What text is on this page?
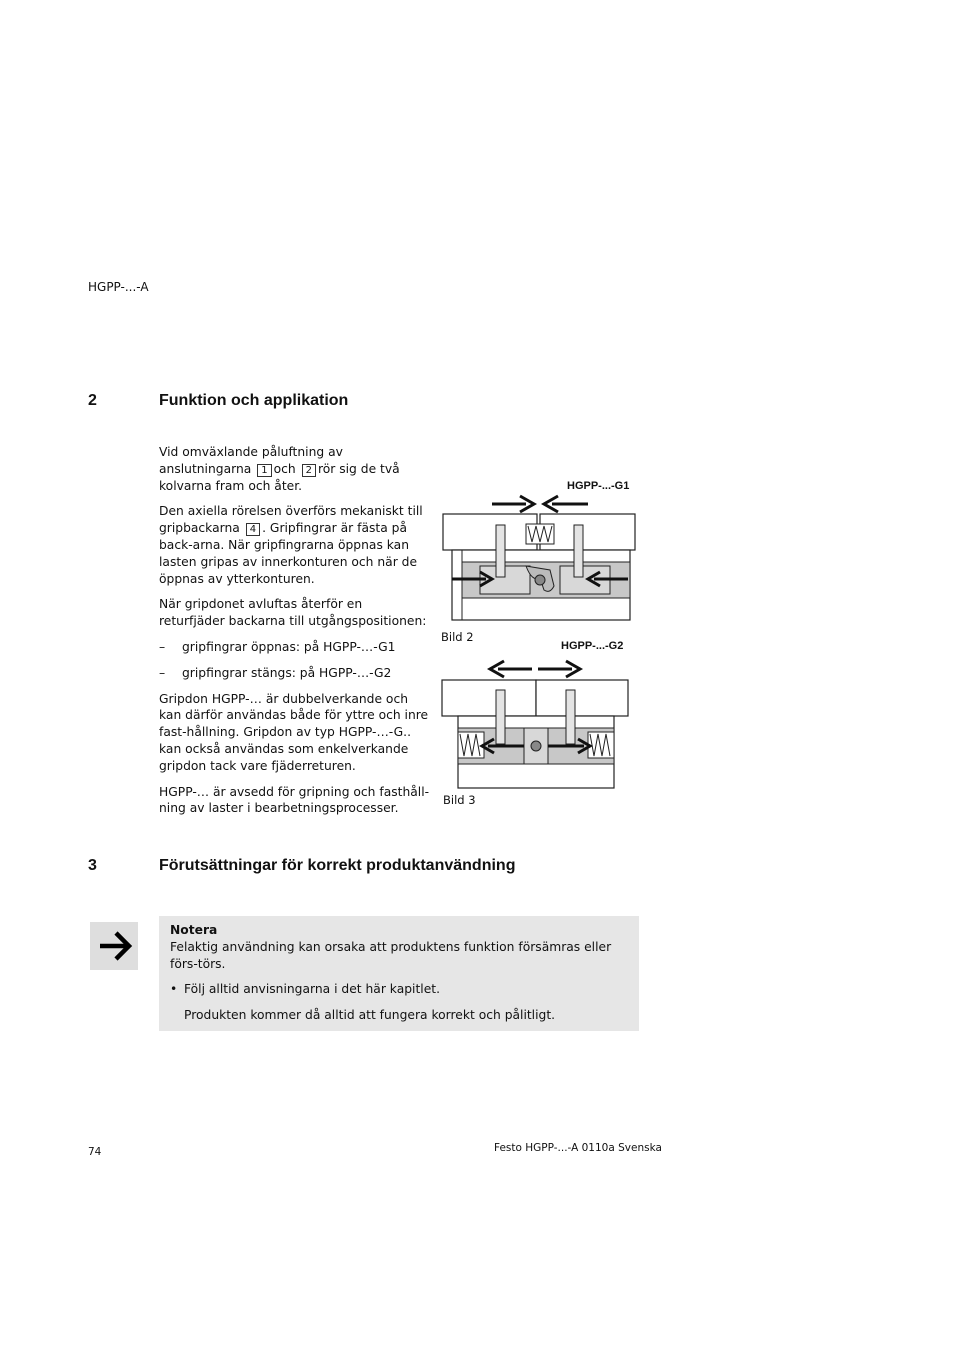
HGPP-...-A
2	Funktion och applikation

Vid omväxlande påluftning av anslutningarna 1 och 2 rör sig de två kolvarna fram och åter.

Den axiella rörelsen överförs mekaniskt till gripbackarna 4 . Gripfingrar är fästa på back-arna. När gripfingrarna öppnas kan lasten gripas av innerkonturen och när de öppnas av ytterkonturen.

När gripdonet avluftas återför en returfjäder backarna till utgångspositionen:

–	gripfingrar öppnas: på HGPP-…-G1
–	gripfingrar stängs: på HGPP-…-G2

Gripdon HGPP-… är dubbelverkande och kan därför användas både för yttre och inre fast-hållning. Gripdon av typ HGPP-…-G.. kan också användas som enkelverkande gripdon tack vare fjäderreturen.

HGPP-… är avsedd för gripning och fasthåll-ning av laster i bearbetningsprocesser.

HGPP-...-G1
Bild 2
HGPP-...-G2
Bild 3
3	Förutsättningar för korrekt produktanvändning
Notera
Felaktig användning kan orsaka att produktens funktion försämras eller förs-törs.
• Följ alltid anvisningarna i det här kapitlet.
Produkten kommer då alltid att fungera korrekt och pålitligt.
74	Festo HGPP-...-A 0110a Svenska
